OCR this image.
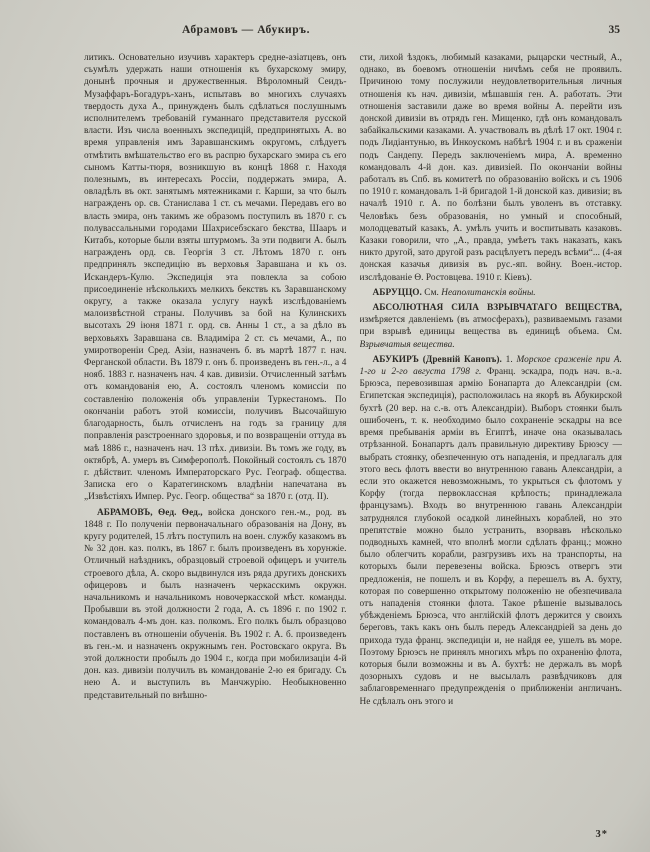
Абрамовъ — Абукиръ.	35

литикъ. Основательно изучивъ характеръ средне-азіатцевъ, онъ съумѣлъ удержать наши отношенія къ бухарскому эмиру, донынѣ прочныя и дружественныя. Вѣроломный Сеидъ-Музаффаръ-Богадуръ-ханъ, испытавъ во многихъ случаяхъ твердость духа А., принужденъ былъ сдѣлаться послушнымъ исполнителемъ требованій гуманнаго представителя русской власти. Изъ числа военныхъ экспедицій, предпринятыхъ А. во время управленія имъ Заравшанскимъ округомъ, слѣдуетъ отмѣтить вмѣшательство его въ распрю бухарскаго эмира съ его сыномъ Катты-тюря, возникшую въ концѣ 1868 г. Находя полезнымъ, въ интересахъ Россіи, поддержать эмира, А. овладѣлъ въ окт. занятымъ мятежниками г. Карши, за что былъ награжденъ ор. св. Станислава 1 ст. съ мечами. Передавъ его во власть эмира, онъ такимъ же образомъ поступилъ въ 1870 г. съ полувассальными городами Шахрисебзскаго бекства, Шааръ и Китабъ, которые были взяты штурмомъ. За эти подвиги А. былъ награжденъ орд. св. Георгія 3 ст. Лѣтомъ 1870 г. онъ предпринялъ экспедицію въ верховья Заравшана и къ оз. Искандеръ-Кулю. Экспедиція эта повлекла за собою присоединеніе нѣсколькихъ мелкихъ бекствъ къ Заравшанскому округу, а также оказала услугу наукѣ изслѣдованіемъ малоизвѣстной страны. Получивъ за бой на Кулинскихъ высотахъ 29 іюня 1871 г. орд. св. Анны 1 ст., а за дѣло въ верховьяхъ Заравшана св. Владиміра 2 ст. съ мечами, А., по умиротвореніи Сред. Азіи, назначенъ б. въ мартѣ 1877 г. нач. Ферганской области. Въ 1879 г. онъ б. произведенъ въ ген.-л., а 4 нояб. 1883 г. назначенъ нач. 4 кав. дивизіи. Отчисленный затѣмъ отъ командованія ею, А. состоялъ членомъ комиссіи по составленію положенія объ управленіи Туркестаномъ. По окончаніи работъ этой комиссіи, получивъ Высочайшую благодарность, былъ отчисленъ на годъ за границу для поправленія разстроеннаго здоровья, и по возвращеніи оттуда въ маѣ 1886 г., назначенъ нач. 13 пѣх. дивизіи. Въ томъ же году, въ октябрѣ, А. умеръ въ Симферополѣ. Покойный состоялъ съ 1870 г. дѣйствит. членомъ Императорскаго Рус. Географ. общества. Записка его о Каратегинскомъ владѣніи напечатана въ „Извѣстіяхъ Импер. Рус. Геогр. общества“ за 1870 г. (отд. II).

АБРАМОВЪ, Ѳед. Ѳед., войска донского ген.-м., род. въ 1848 г. По полученіи первоначальнаго образованія на Дону, въ кругу родителей, 15 лѣтъ поступилъ на воен. службу казакомъ въ № 32 дон. каз. полкъ, въ 1867 г. былъ произведенъ въ хорунжіе. Отличный наѣздникъ, образцовый строевой офицеръ и учитель строевого дѣла, А. скоро выдвинулся изъ ряда другихъ донскихъ офицеровъ и былъ назначенъ черкасскимъ окружн. начальникомъ и начальникомъ новочеркасской мѣст. команды. Пробывши въ этой должности 2 года, А. съ 1896 г. по 1902 г. командовалъ 4-мъ дон. каз. полкомъ. Его полкъ былъ образцово поставленъ въ отношеніи обученія. Въ 1902 г. А. б. произведенъ въ ген.-м. и назначенъ окружнымъ ген. Ростовскаго округа. Въ этой должности пробылъ до 1904 г., когда при мобилизаціи 4-й дон. каз. дивизіи получилъ въ командованіе 2-ю ея бригаду. Съ нею А. и выступилъ въ Манчжурію. Необыкновенно представительный по внѣшно-

сти, лихой ѣздокъ, любимый казаками, рыцарски честный, А., однако, въ боевомъ отношеніи ничѣмъ себя не проявилъ. Причиною тому послужили неудовлетворительныя личныя отношенія къ нач. дивизіи, мѣшавшія ген. А. работать. Эти отношенія заставили даже во время войны А. перейти изъ донской дивизіи въ отрядъ ген. Мищенко, гдѣ онъ командовалъ забайкальскими казаками. А. участвовалъ въ дѣлѣ 17 окт. 1904 г. подъ Лидіантунью, въ Инкоускомъ набѣгѣ 1904 г. и въ сраженіи подъ Сандепу. Передъ заключеніемъ мира, А. временно командовалъ 4-й дон. каз. дивизіей. По окончаніи войны работалъ въ Спб. въ комитетѣ по образованію войскъ и съ 1906 по 1910 г. командовалъ 1-й бригадой 1-й донской каз. дивизіи; въ началѣ 1910 г. А. по болѣзни былъ уволенъ въ отставку. Человѣкъ безъ образованія, но умный и способный, молодцеватый казакъ, А. умѣлъ учить и воспитывать казаковъ. Казаки говорили, что „А., правда, умѣетъ такъ наказать, какъ никто другой, зато другой разъ расцѣлуетъ передъ всѣми“... (4-ая донская казачья дивизія въ рус.-яп. войну. Воен.-истор. изслѣдованіе Ѳ. Ростовцева. 1910 г. Кіевъ).

АБРУЦЦО. См. Неаполитанскія войны.

АБСОЛЮТНАЯ СИЛА ВЗРЫВЧАТАГО ВЕЩЕСТВА, измѣряется давленіемъ (въ атмосферахъ), развиваемымъ газами при взрывѣ единицы вещества въ единицѣ объема. См. Взрывчатыя вещества.

АБУКИРЪ (Древній Канопъ). 1. Морское сраженіе при А. 1-го и 2-го августа 1798 г. Франц. эскадра, подъ нач. в.-а. Брюэса, перевозившая армію Бонапарта до Александріи (см. Египетская экспедиція), расположилась на якорѣ въ Абукирской бухтѣ (20 вер. на с.-в. отъ Александріи). Выборъ стоянки былъ ошибоченъ, т. к. необходимо было сохраненіе эскадры на все время пребыванія арміи въ Египтѣ, иначе она оказывалась отрѣзанной. Бонапартъ далъ правильную директиву Брюэсу — выбрать стоянку, обезпеченную отъ нападенія, и предлагалъ для этого весь флотъ ввести во внутреннюю гавань Александріи, а если это окажется невозможнымъ, то укрыться съ флотомъ у Корфу (тогда первоклассная крѣпость; принадлежала французамъ). Входъ во внутреннюю гавань Александріи затруднялся глубокой осадкой линейныхъ кораблей, но это препятствіе можно было устранить, взорвавъ нѣсколько подводныхъ камней, что вполнѣ могли сдѣлать франц.; можно было облегчить корабли, разгрузивъ ихъ на транспорты, на которыхъ были перевезены войска. Брюэсъ отвергъ эти предложенія, не пошелъ и въ Корфу, а перешелъ въ А. бухту, которая по совершенно открытому положенію не обезпечивала отъ нападенія стоянки флота. Такое рѣшеніе вызывалось убѣжденіемъ Брюэса, что англійскій флотъ держится у своихъ береговъ, такъ какъ онъ былъ передъ Александріей за день до прихода туда франц. экспедиціи и, не найдя ее, ушелъ въ море. Поэтому Брюэсъ не принялъ многихъ мѣръ по охраненію флота, которыя были возможны и въ А. бухтѣ: не держалъ въ морѣ дозорныхъ судовъ и не высылалъ развѣдчиковъ для заблаговременнаго предупрежденія о приближеніи англичанъ. Не сдѣлалъ онъ этого и

3*
